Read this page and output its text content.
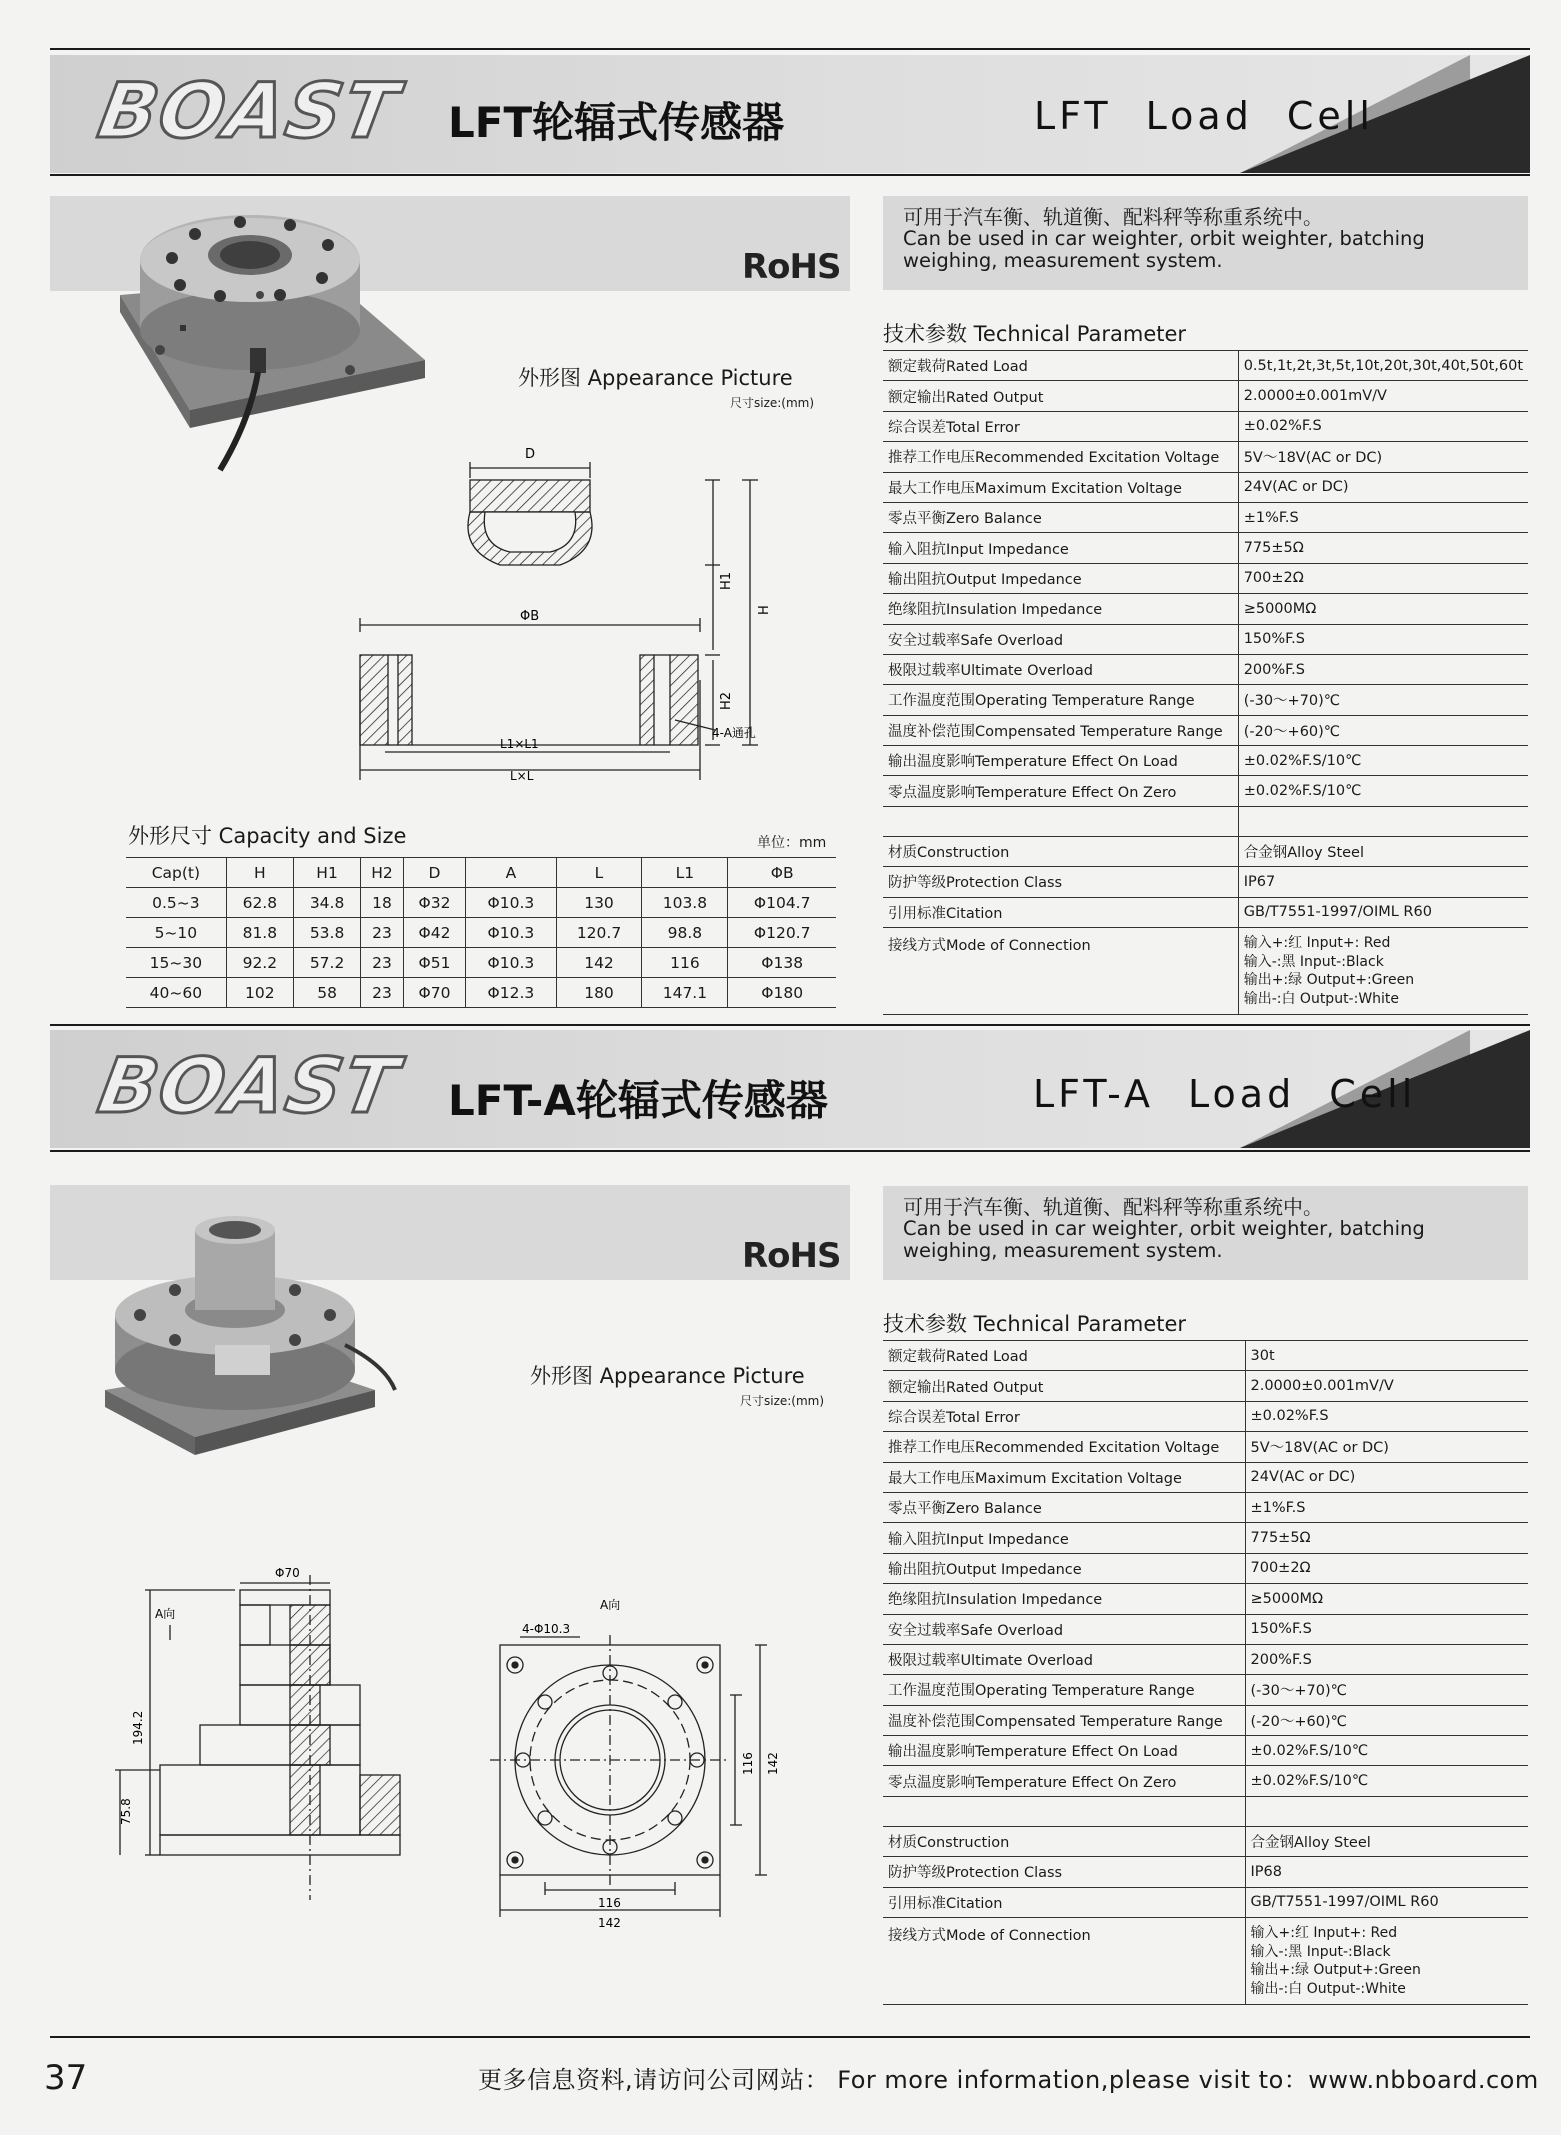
BOAST LFT轮辐式传感器	LFT Load Cell
RoHS
可用于汽车衡、轨道衡、配料秤等称重系统中。
Can be used in car weighter, orbit weighter, batching weighing, measurement system.
技术参数 Technical Parameter
额定载荷Rated Load	0.5t,1t,2t,3t,5t,10t,20t,30t,40t,50t,60t
额定输出Rated Output	2.0000±0.001mV/V
综合误差Total Error	±0.02%F.S
推荐工作电压Recommended Excitation Voltage	5V～18V(AC or DC)
最大工作电压Maximum Excitation Voltage	24V(AC or DC)
零点平衡Zero Balance	±1%F.S
输入阻抗Input Impedance	775±5Ω
输出阻抗Output Impedance	700±2Ω
绝缘阻抗Insulation Impedance	≥5000MΩ
安全过载率Safe Overload	150%F.S
极限过载率Ultimate Overload	200%F.S
工作温度范围Operating Temperature Range	(-30～+70)℃
温度补偿范围Compensated Temperature Range	(-20～+60)℃
输出温度影响Temperature Effect On Load	±0.02%F.S/10℃
零点温度影响Temperature Effect On Zero	±0.02%F.S/10℃

材质Construction	合金钢Alloy Steel
防护等级Protection Class	IP67
引用标准Citation	GB/T7551-1997/OIML R60
接线方式Mode of Connection	输入+:红 Input+: Red
输入-:黑 Input-:Black
输出+:绿 Output+:Green
输出-:白 Output-:White
外形图 Appearance Picture
尺寸size:(mm)
D
ΦB
H1
H2
H
L1×L1
L×L
4-A通孔
外形尺寸 Capacity and Size	单位：mm
Cap(t)	H	H1	H2	D	A	L	L1	ΦB
0.5~3	62.8	34.8	18	Φ32	Φ10.3	130	103.8	Φ104.7
5~10	81.8	53.8	23	Φ42	Φ10.3	120.7	98.8	Φ120.7
15~30	92.2	57.2	23	Φ51	Φ10.3	142	116	Φ138
40~60	102	58	23	Φ70	Φ12.3	180	147.1	Φ180
BOAST LFT-A轮辐式传感器	LFT-A Load Cell
RoHS
可用于汽车衡、轨道衡、配料秤等称重系统中。
Can be used in car weighter, orbit weighter, batching weighing, measurement system.
技术参数 Technical Parameter
额定载荷Rated Load	30t
额定输出Rated Output	2.0000±0.001mV/V
综合误差Total Error	±0.02%F.S
推荐工作电压Recommended Excitation Voltage	5V～18V(AC or DC)
最大工作电压Maximum Excitation Voltage	24V(AC or DC)
零点平衡Zero Balance	±1%F.S
输入阻抗Input Impedance	775±5Ω
输出阻抗Output Impedance	700±2Ω
绝缘阻抗Insulation Impedance	≥5000MΩ
安全过载率Safe Overload	150%F.S
极限过载率Ultimate Overload	200%F.S
工作温度范围Operating Temperature Range	(-30～+70)℃
温度补偿范围Compensated Temperature Range	(-20～+60)℃
输出温度影响Temperature Effect On Load	±0.02%F.S/10℃
零点温度影响Temperature Effect On Zero	±0.02%F.S/10℃

材质Construction	合金钢Alloy Steel
防护等级Protection Class	IP68
引用标准Citation	GB/T7551-1997/OIML R60
接线方式Mode of Connection	输入+:红 Input+: Red
输入-:黑 Input-:Black
输出+:绿 Output+:Green
输出-:白 Output-:White
外形图 Appearance Picture
尺寸size:(mm)
Φ70
A向
194.2
75.8
A向
4-Φ10.3
116 142
116
142
37	更多信息资料,请访问公司网站： For more information,please visit to：www.nbboard.com
